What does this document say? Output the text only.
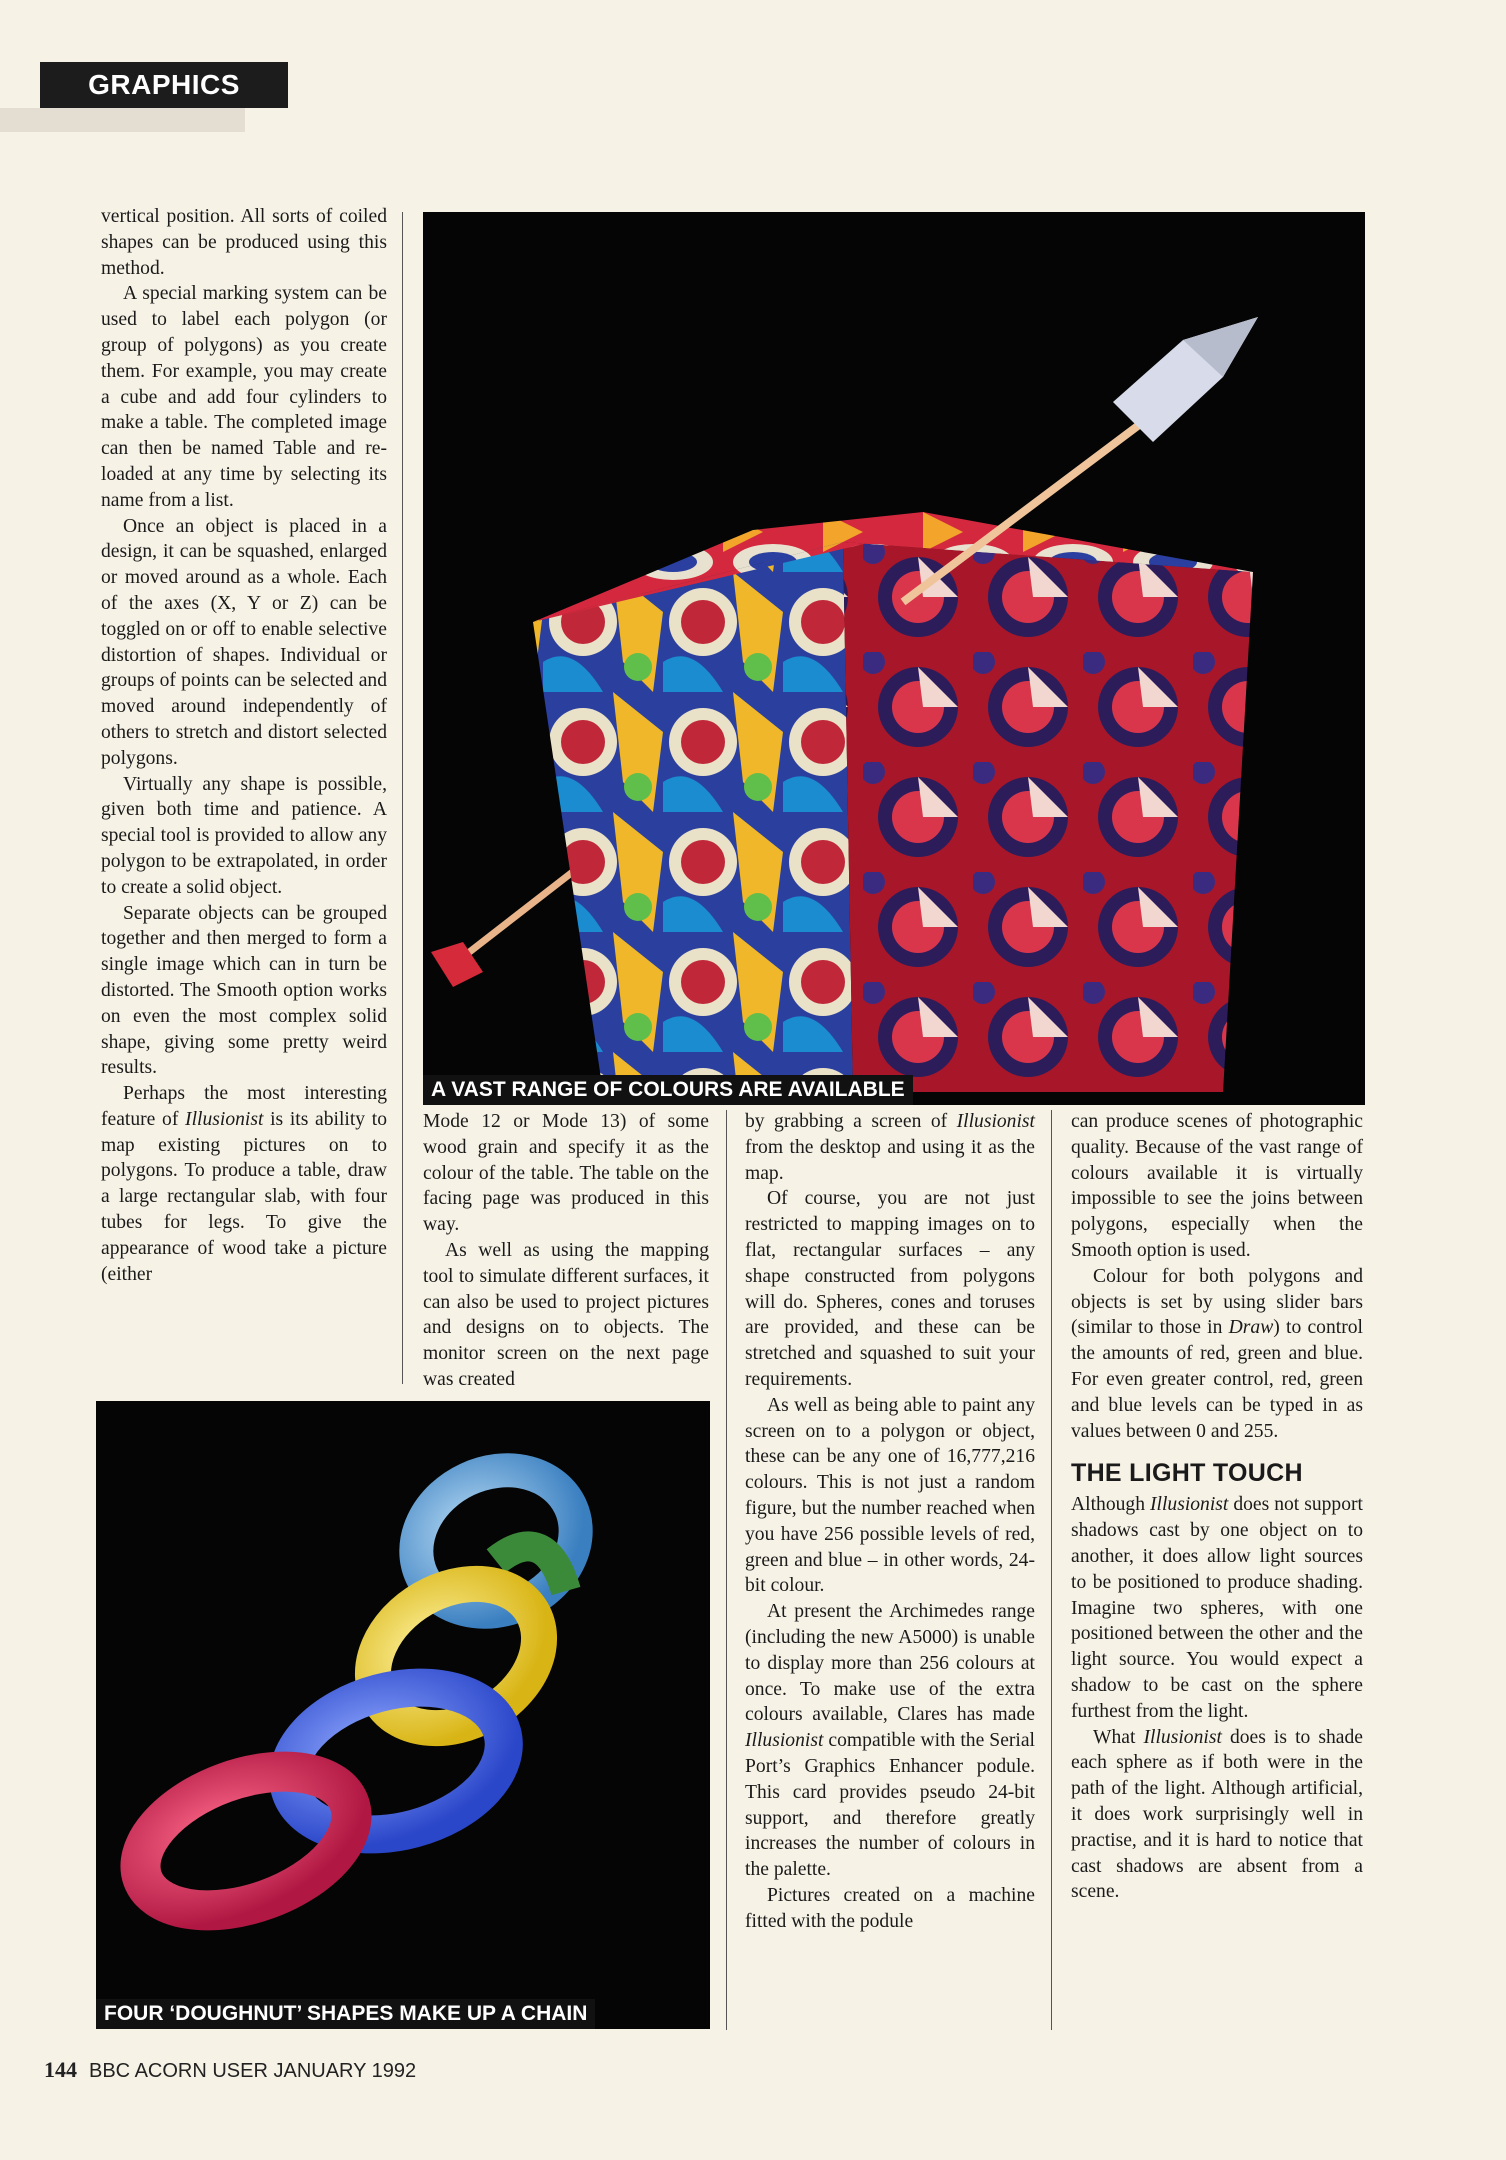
GRAPHICS

vertical position. All sorts of coiled shapes can be produced using this method.

A special marking system can be used to label each polygon (or group of polygons) as you create them. For example, you may create a cube and add four cylinders to make a table. The completed image can then be named Table and re-loaded at any time by selecting its name from a list.

Once an object is placed in a design, it can be squashed, enlarged or moved around as a whole. Each of the axes (X, Y or Z) can be toggled on or off to enable selective distortion of shapes. Individual or groups of points can be selected and moved around independently of others to stretch and distort selected polygons.

Virtually any shape is possible, given both time and patience. A special tool is provided to allow any polygon to be extrapolated, in order to create a solid object.

Separate objects can be grouped together and then merged to form a single image which can in turn be distorted. The Smooth option works on even the most complex solid shape, giving some pretty weird results.

Perhaps the most interesting feature of Illusionist is its ability to map existing pictures on to polygons. To produce a table, draw a large rectangular slab, with four tubes for legs. To give the appearance of wood take a picture (either

A VAST RANGE OF COLOURS ARE AVAILABLE

Mode 12 or Mode 13) of some wood grain and specify it as the colour of the table. The table on the facing page was produced in this way.

As well as using the mapping tool to simulate different surfaces, it can also be used to project pictures and designs on to objects. The monitor screen on the next page was created

FOUR ‘DOUGHNUT’ SHAPES MAKE UP A CHAIN

by grabbing a screen of Illusionist from the desktop and using it as the map.

Of course, you are not just restricted to mapping images on to flat, rectangular surfaces – any shape constructed from polygons will do. Spheres, cones and toruses are provided, and these can be stretched and squashed to suit your requirements.

As well as being able to paint any screen on to a polygon or object, these can be any one of 16,777,216 colours. This is not just a random figure, but the number reached when you have 256 possible levels of red, green and blue – in other words, 24-bit colour.

At present the Archimedes range (including the new A5000) is unable to display more than 256 colours at once. To make use of the extra colours available, Clares has made Illusionist compatible with the Serial Port’s Graphics Enhancer podule. This card provides pseudo 24-bit support, and therefore greatly increases the number of colours in the palette.

Pictures created on a machine fitted with the podule

can produce scenes of photographic quality. Because of the vast range of colours available it is virtually impossible to see the joins between polygons, especially when the Smooth option is used.

Colour for both polygons and objects is set by using slider bars (similar to those in Draw) to control the amounts of red, green and blue. For even greater control, red, green and blue levels can be typed in as values between 0 and 255.

THE LIGHT TOUCH

Although Illusionist does not support shadows cast by one object on to another, it does allow light sources to be positioned to produce shading. Imagine two spheres, with one positioned between the other and the light source. You would expect a shadow to be cast on the sphere furthest from the light.

What Illusionist does is to shade each sphere as if both were in the path of the light. Although artificial, it does work surprisingly well in practise, and it is hard to notice that cast shadows are absent from a scene.

144 BBC ACORN USER JANUARY 1992
